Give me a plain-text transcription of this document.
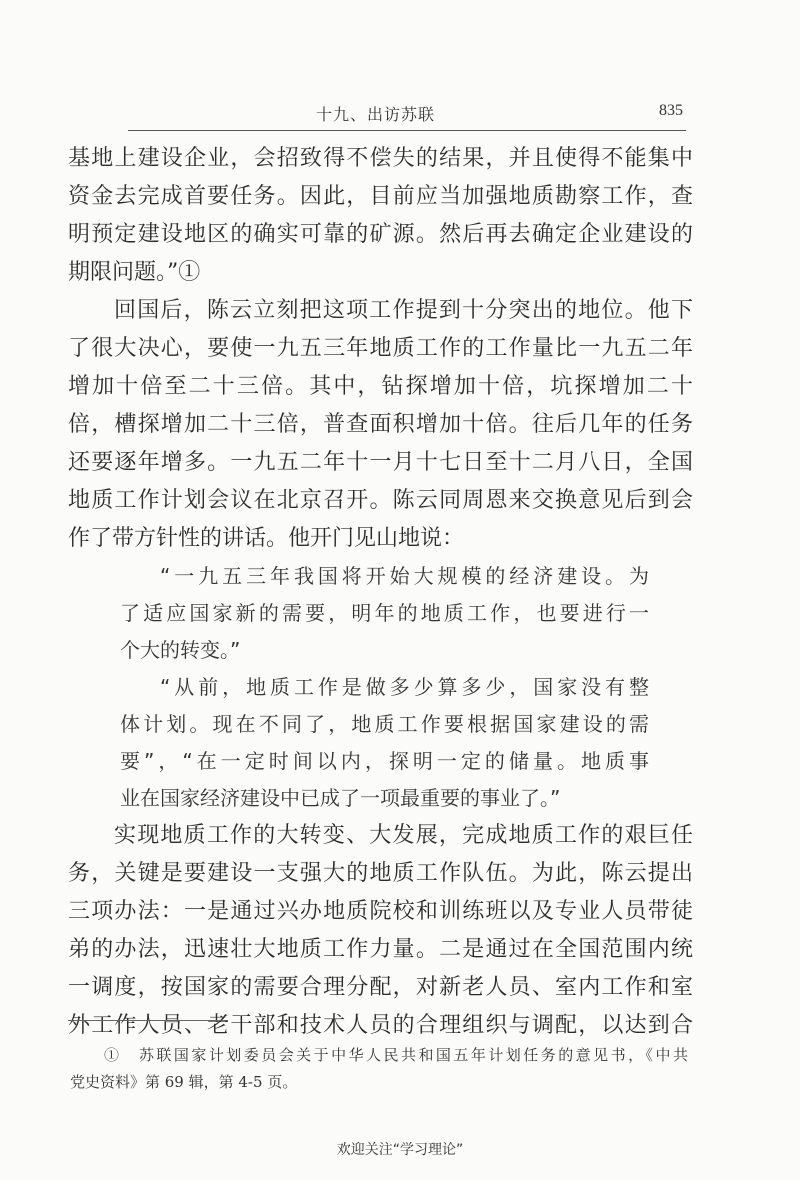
十九、出访苏联	835
基地上建设企业，会招致得不偿失的结果，并且使得不能集中
资金去完成首要任务。因此，目前应当加强地质勘察工作，查
明预定建设地区的确实可靠的矿源。然后再去确定企业建设的
期限问题。”①
回国后，陈云立刻把这项工作提到十分突出的地位。他下
了很大决心，要使一九五三年地质工作的工作量比一九五二年
增加十倍至二十三倍。其中，钻探增加十倍，坑探增加二十
倍，槽探增加二十三倍，普查面积增加十倍。往后几年的任务
还要逐年增多。一九五二年十一月十七日至十二月八日，全国
地质工作计划会议在北京召开。陈云同周恩来交换意见后到会
作了带方针性的讲话。他开门见山地说：
“一九五三年我国将开始大规模的经济建设。为
了适应国家新的需要，明年的地质工作，也要进行一
个大的转变。”
“从前，地质工作是做多少算多少，国家没有整
体计划。现在不同了，地质工作要根据国家建设的需
要”，“在一定时间以内，探明一定的储量。地质事
业在国家经济建设中已成了一项最重要的事业了。”
实现地质工作的大转变、大发展，完成地质工作的艰巨任
务，关键是要建设一支强大的地质工作队伍。为此，陈云提出
三项办法：一是通过兴办地质院校和训练班以及专业人员带徒
弟的办法，迅速壮大地质工作力量。二是通过在全国范围内统
一调度，按国家的需要合理分配，对新老人员、室内工作和室
外工作人员、老干部和技术人员的合理组织与调配，以达到合
①　苏联国家计划委员会关于中华人民共和国五年计划任务的意见书，《中共
党史资料》第 69 辑，第 4-5 页。
欢迎关注“学习理论”
